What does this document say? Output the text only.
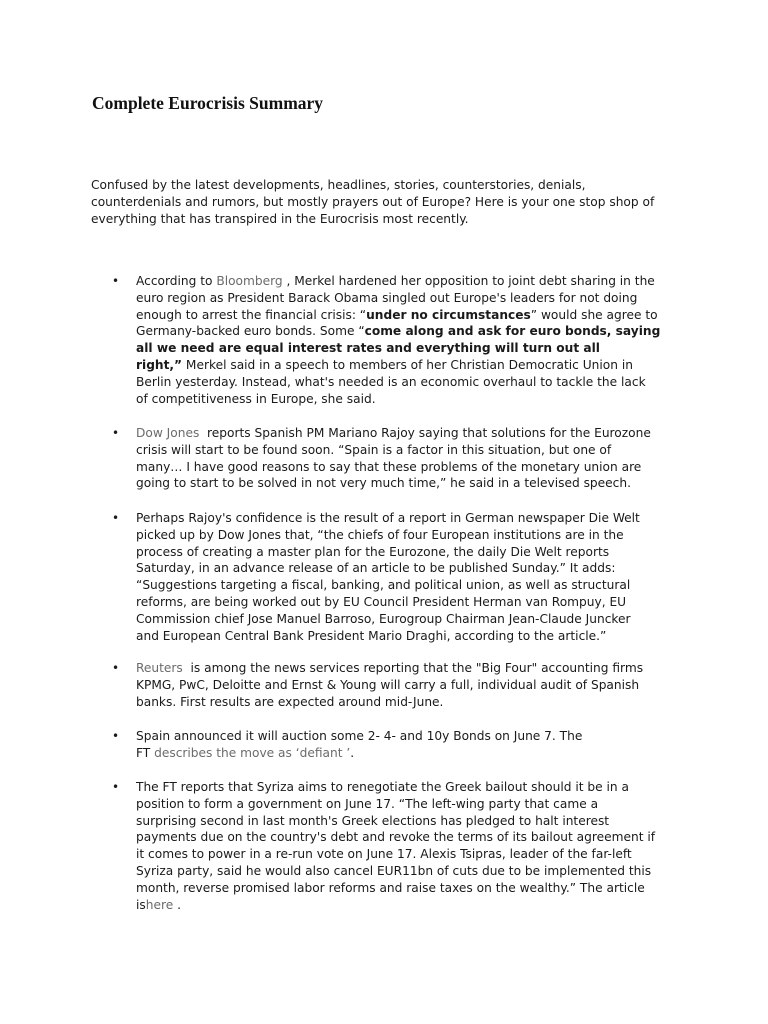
Complete Eurocrisis Summary

Confused by the latest developments, headlines, stories, counterstories, denials,
counterdenials and rumors, but mostly prayers out of Europe? Here is your one stop shop of
everything that has transpired in the Eurocrisis most recently.

• According to Bloomberg , Merkel hardened her opposition to joint debt sharing in the
euro region as President Barack Obama singled out Europe's leaders for not doing
enough to arrest the financial crisis: “under no circumstances” would she agree to
Germany-backed euro bonds. Some “come along and ask for euro bonds, saying
all we need are equal interest rates and everything will turn out all
right,” Merkel said in a speech to members of her Christian Democratic Union in
Berlin yesterday. Instead, what's needed is an economic overhaul to tackle the lack
of competitiveness in Europe, she said.
• Dow Jones  reports Spanish PM Mariano Rajoy saying that solutions for the Eurozone
crisis will start to be found soon. “Spain is a factor in this situation, but one of
many… I have good reasons to say that these problems of the monetary union are
going to start to be solved in not very much time,” he said in a televised speech.
• Perhaps Rajoy's confidence is the result of a report in German newspaper Die Welt
picked up by Dow Jones that, “the chiefs of four European institutions are in the
process of creating a master plan for the Eurozone, the daily Die Welt reports
Saturday, in an advance release of an article to be published Sunday.” It adds:
“Suggestions targeting a fiscal, banking, and political union, as well as structural
reforms, are being worked out by EU Council President Herman van Rompuy, EU
Commission chief Jose Manuel Barroso, Eurogroup Chairman Jean-Claude Juncker
and European Central Bank President Mario Draghi, according to the article.”
• Reuters  is among the news services reporting that the "Big Four" accounting firms
KPMG, PwC, Deloitte and Ernst & Young will carry a full, individual audit of Spanish
banks. First results are expected around mid-June.
• Spain announced it will auction some 2- 4- and 10y Bonds on June 7. The
FT describes the move as ‘defiant ’.
• The FT reports that Syriza aims to renegotiate the Greek bailout should it be in a
position to form a government on June 17. “The left-wing party that came a
surprising second in last month's Greek elections has pledged to halt interest
payments due on the country's debt and revoke the terms of its bailout agreement if
it comes to power in a re-run vote on June 17. Alexis Tsipras, leader of the far-left
Syriza party, said he would also cancel EUR11bn of cuts due to be implemented this
month, reverse promised labor reforms and raise taxes on the wealthy.” The article
ishere .
